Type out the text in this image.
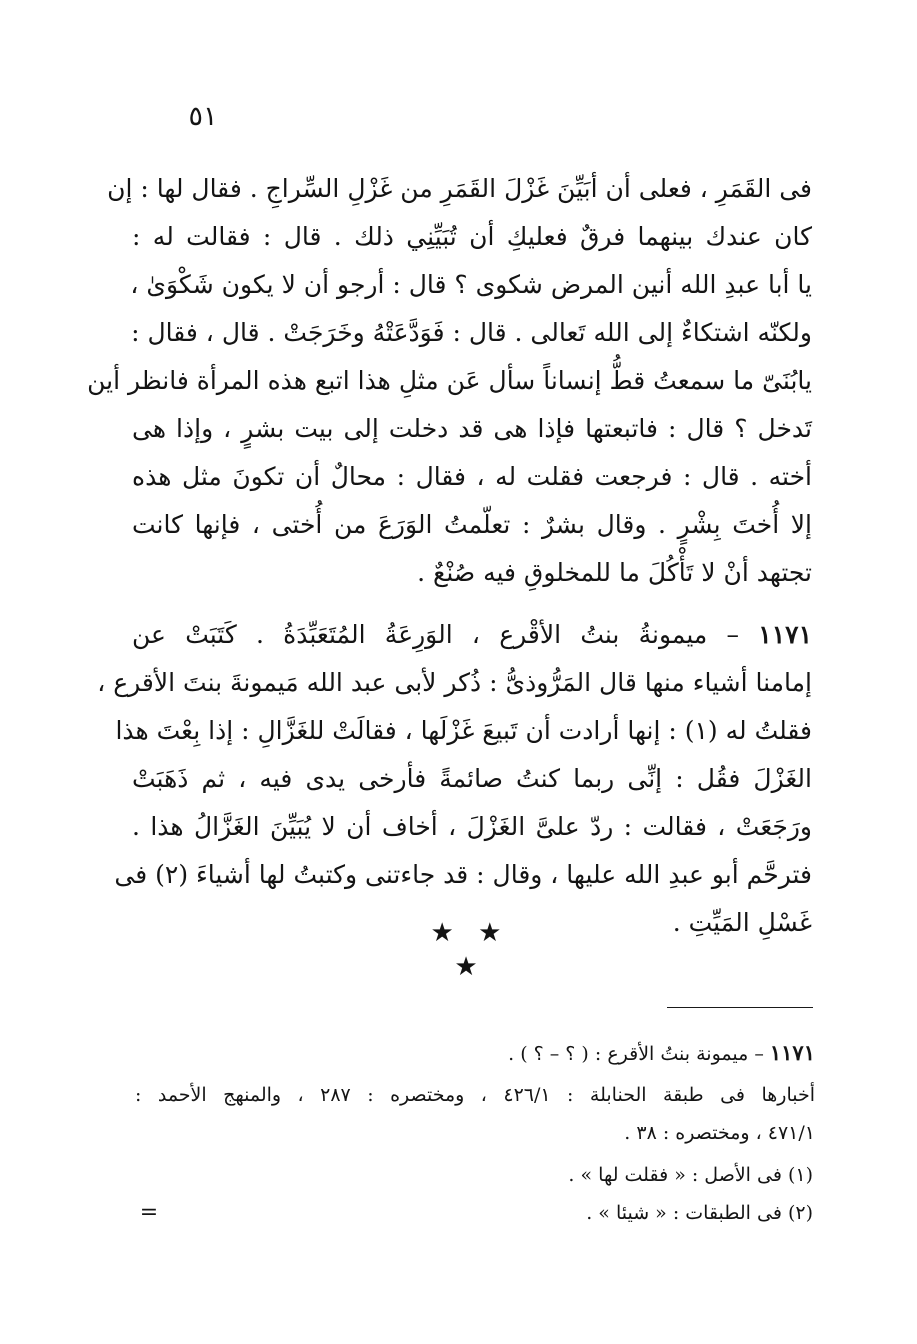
٥١
فى القَمَرِ ، فعلى أن أبَيِّنَ غَزْلَ القَمَرِ من غَزْلِ السِّراجِ . فقال لها : إن
كان عندك بينهما فرقٌ فعليكِ أن تُبَيِّنِي ذلك . قال : فقالت له :
يا أبا عبدِ الله أنين المرض شكوى ؟ قال : أرجو أن لا يكون شَكْوَىٰ ،
ولكنّه اشتكاءٌ إلى الله تَعالى . قال : فَوَدَّعَتْهُ وخَرَجَتْ . قال ، فقال :
يابُنَىّ ما سمعتُ قطُّ إنساناً سأل عَن مثلِ هذا اتبع هذه المرأة فانظر أين
تَدخل ؟ قال : فاتبعتها فإذا هى قد دخلت إلى بيت بشرٍ ، وإذا هى
أخته . قال : فرجعت فقلت له ، فقال : محالٌ أن تكونَ مثل هذه
إلا أُختَ بِشْرٍ . وقال بشرٌ : تعلّمتُ الوَرَعَ من أُختى ، فإنها كانت
تجتهد أنْ لا تَأْكُلَ ما للمخلوقِ فيه صُنْعٌ .
١١٧١ – ميمونةُ بنتُ الأقْرع ، الوَرِعَةُ المُتَعَبِّدَةُ . كَتَبَتْ عن
إمامنا أشياء منها قال المَرُّوذىُّ : ذُكر لأبى عبد الله مَيمونةَ بنتَ الأقرع ،
فقلتُ له (١) : إنها أرادت أن تَبيعَ غَزْلَها ، فقالَتْ للغَزَّالِ : إذا بِعْتَ هذا
الغَزْلَ فقُل : إنِّى ربما كنتُ صائمةً فأرخى يدى فيه ، ثم ذَهَبَتْ
ورَجَعَتْ ، فقالت : ردّ علىَّ الغَزْلَ ، أخاف أن لا يُبَيِّنَ الغَزَّالُ هذا .
فترحَّم أبو عبدِ الله عليها ، وقال : قد جاءتنى وكتبتُ لها أشياءَ (٢) فى
غَسْلِ المَيِّتِ .
★ ★ ★
١١٧١ – ميمونة بنتُ الأقرع : ( ؟ – ؟ ) .
أخبارها فى طبقة الحنابلة : ٤٢٦/١ ، ومختصره : ٢٨٧ ، والمنهج الأحمد :
٤٧١/١ ، ومختصره : ٣٨ .
(١) فى الأصل : « فقلت لها » .
(٢) فى الطبقات : « شيئا » .
=
